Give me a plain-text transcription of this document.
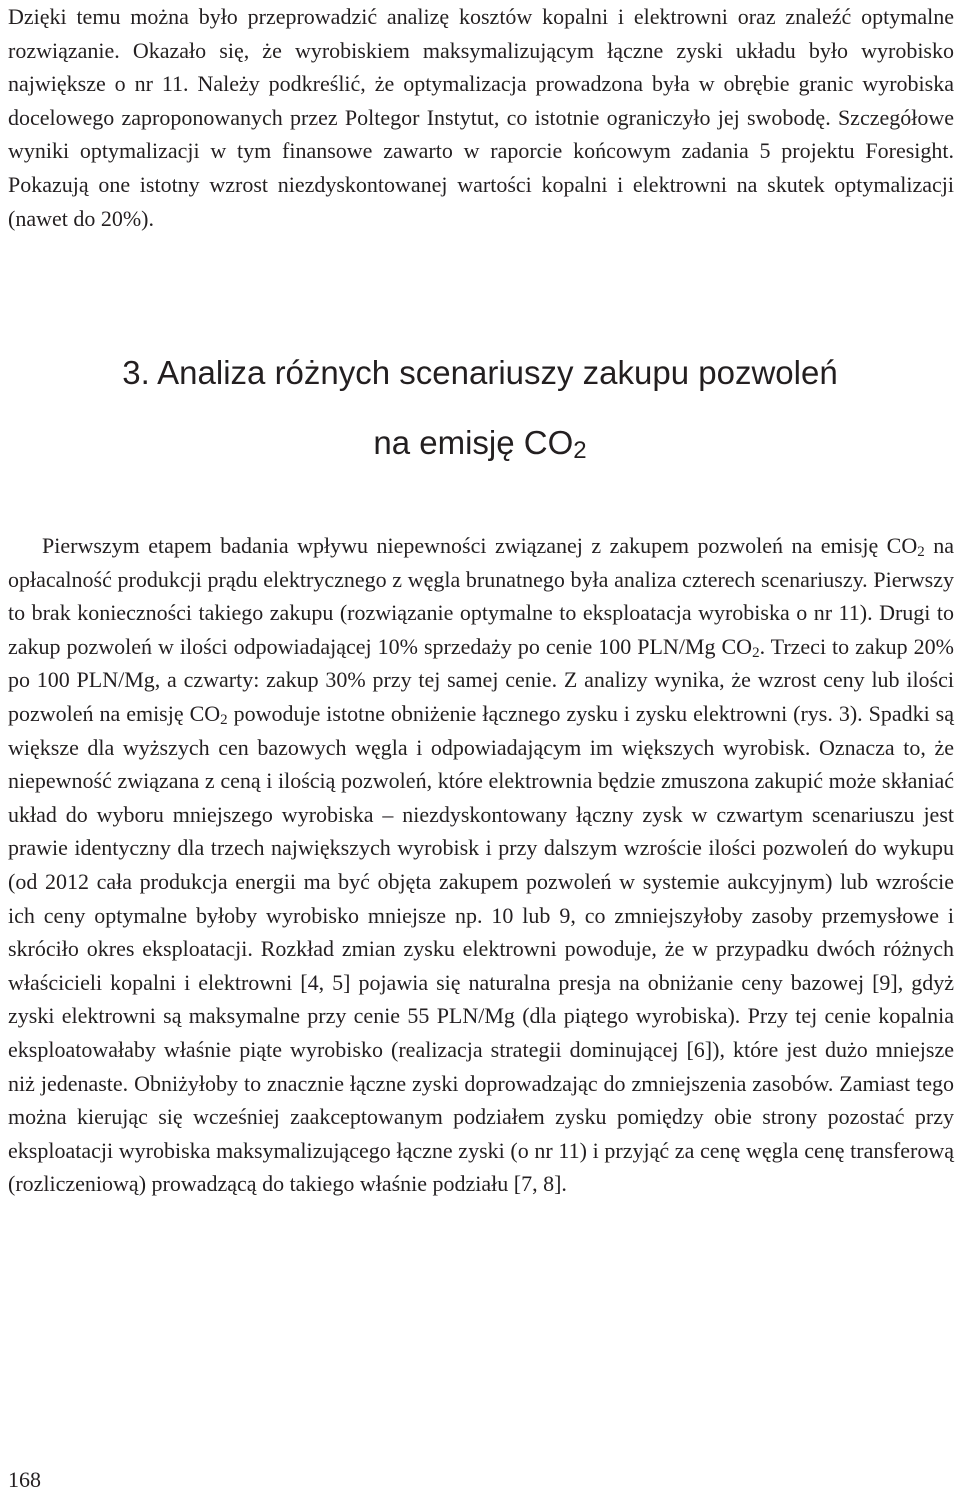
Dzięki temu można było przeprowadzić analizę kosztów kopalni i elektrowni oraz znaleźć optymalne rozwiązanie. Okazało się, że wyrobiskiem maksymalizującym łączne zyski układu było wyrobisko największe o nr 11. Należy podkreślić, że optymalizacja prowadzona była w obrębie granic wyrobiska docelowego zaproponowanych przez Poltegor Instytut, co istotnie ograniczyło jej swobodę. Szczegółowe wyniki optymalizacji w tym finansowe zawarto w raporcie końcowym zadania 5 projektu Foresight. Pokazują one istotny wzrost niezdyskontowanej wartości kopalni i elektrowni na skutek optymalizacji (nawet do 20%).

3. Analiza różnych scenariuszy zakupu pozwoleń
na emisję $CO_2$

Pierwszym etapem badania wpływu niepewności związanej z zakupem pozwoleń na emisję $CO_2$ na opłacalność produkcji prądu elektrycznego z węgla brunatnego była analiza czterech scenariuszy. Pierwszy to brak konieczności takiego zakupu (rozwiązanie optymalne to eksploatacja wyrobiska o nr 11). Drugi to zakup pozwoleń w ilości odpowiadającej 10% sprzedaży po cenie 100 PLN/Mg $CO_2$. Trzeci to zakup 20% po 100 PLN/Mg, a czwarty: zakup 30% przy tej samej cenie. Z analizy wynika, że wzrost ceny lub ilości pozwoleń na emisję $CO_2$ powoduje istotne obniżenie łącznego zysku i zysku elektrowni (rys. 3). Spadki są większe dla wyższych cen bazowych węgla i odpowiadającym im większych wyrobisk. Oznacza to, że niepewność związana z ceną i ilością pozwoleń, które elektrownia będzie zmuszona zakupić może skłaniać układ do wyboru mniejszego wyrobiska – niezdyskontowany łączny zysk w czwartym scenariuszu jest prawie identyczny dla trzech największych wyrobisk i przy dalszym wzroście ilości pozwoleń do wykupu (od 2012 cała produkcja energii ma być objęta zakupem pozwoleń w systemie aukcyjnym) lub wzroście ich ceny optymalne byłoby wyrobisko mniejsze np. 10 lub 9, co zmniejszyłoby zasoby przemysłowe i skróciło okres eksploatacji. Rozkład zmian zysku elektrowni powoduje, że w przypadku dwóch różnych właścicieli kopalni i elektrowni [4, 5] pojawia się naturalna presja na obniżanie ceny bazowej [9], gdyż zyski elektrowni są maksymalne przy cenie 55 PLN/Mg (dla piątego wyrobiska). Przy tej cenie kopalnia eksploatowałaby właśnie piąte wyrobisko (realizacja strategii dominującej [6]), które jest dużo mniejsze niż jedenaste. Obniżyłoby to znacznie łączne zyski doprowadzając do zmniejszenia zasobów. Zamiast tego można kierując się wcześniej zaakceptowanym podziałem zysku pomiędzy obie strony pozostać przy eksploatacji wyrobiska maksymalizującego łączne zyski (o nr 11) i przyjąć za cenę węgla cenę transferową (rozliczeniową) prowadzącą do takiego właśnie podziału [7, 8].

168
